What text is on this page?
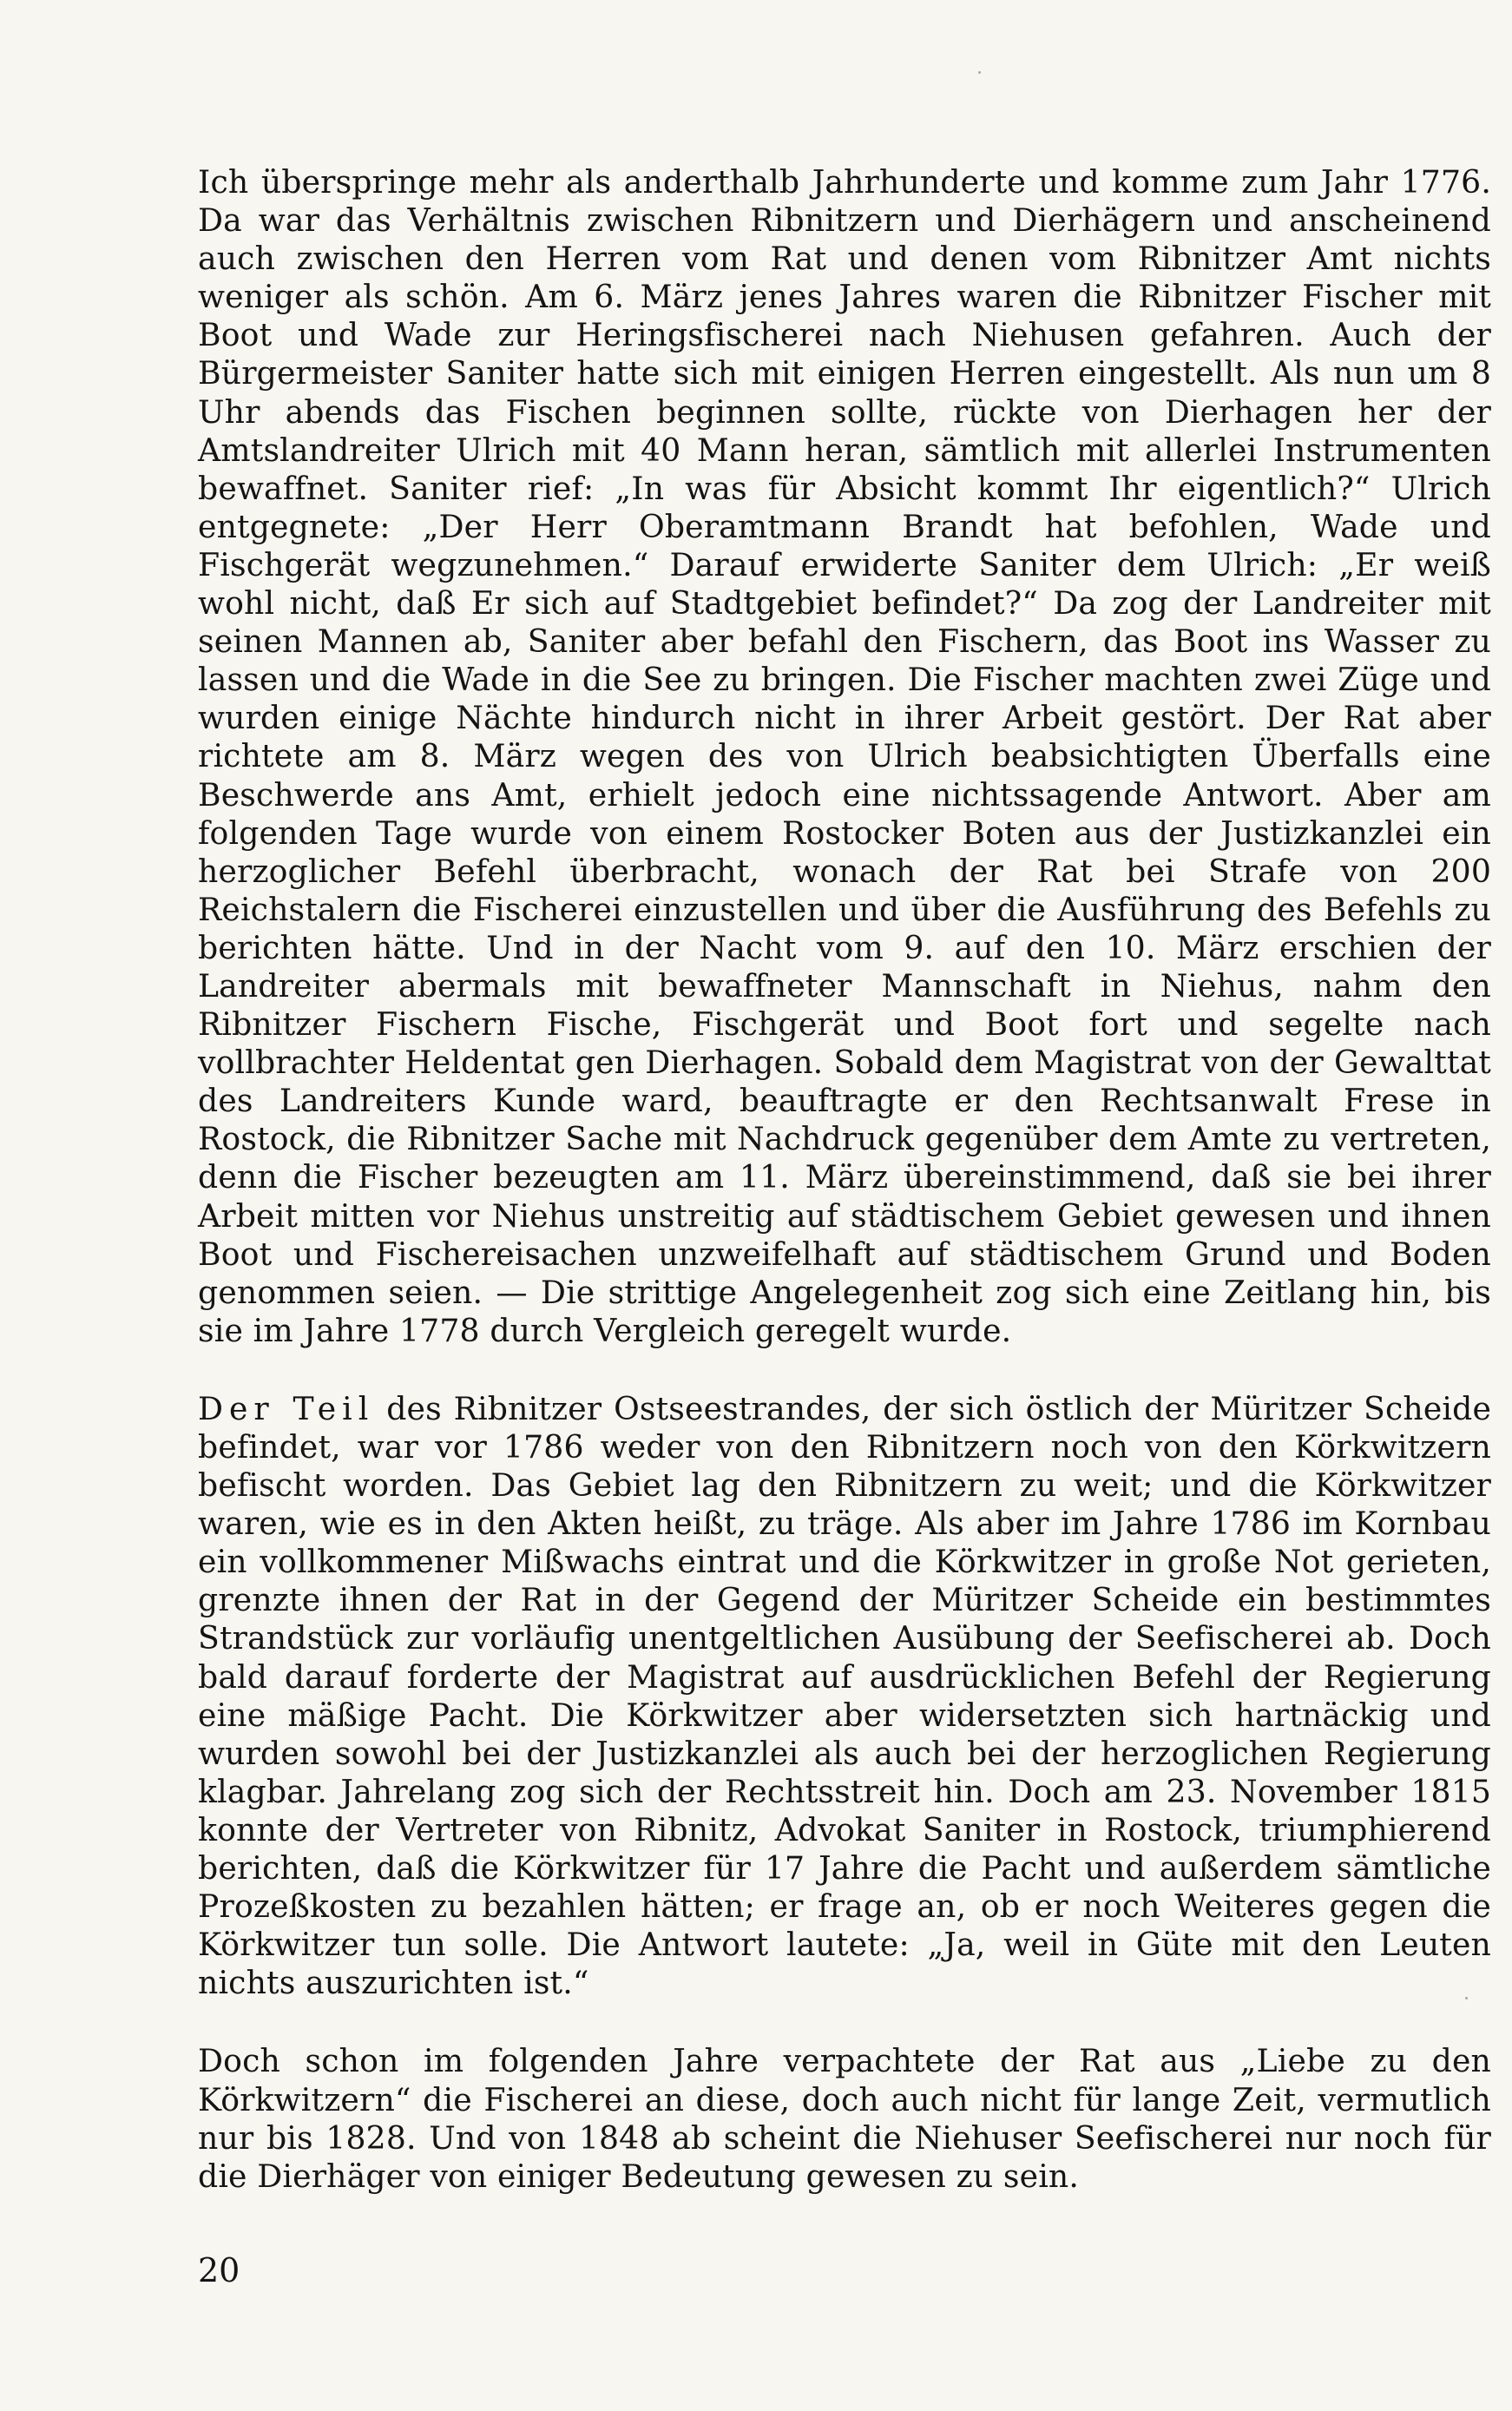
Ich überspringe mehr als anderthalb Jahrhunderte und komme zum Jahr 1776. Da war das Verhältnis zwischen Ribnitzern und Dierhägern und anscheinend auch zwischen den Herren vom Rat und denen vom Ribnitzer Amt nichts weniger als schön. Am 6. März jenes Jahres waren die Ribnitzer Fischer mit Boot und Wade zur Heringsfischerei nach Niehusen gefahren. Auch der Bürgermeister Saniter hatte sich mit einigen Herren eingestellt. Als nun um 8 Uhr abends das Fischen beginnen sollte, rückte von Dierhagen her der Amtslandreiter Ulrich mit 40 Mann heran, sämtlich mit allerlei Instrumenten bewaffnet. Saniter rief: „In was für Absicht kommt Ihr eigentlich?“ Ulrich entgegnete: „Der Herr Oberamtmann Brandt hat befohlen, Wade und Fischgerät wegzunehmen.“ Darauf erwiderte Saniter dem Ulrich: „Er weiß wohl nicht, daß Er sich auf Stadtgebiet befindet?“ Da zog der Landreiter mit seinen Mannen ab, Saniter aber befahl den Fischern, das Boot ins Wasser zu lassen und die Wade in die See zu bringen. Die Fischer machten zwei Züge und wurden einige Nächte hindurch nicht in ihrer Arbeit gestört. Der Rat aber richtete am 8. März wegen des von Ulrich beabsichtigten Überfalls eine Beschwerde ans Amt, erhielt jedoch eine nichtssagende Antwort. Aber am folgenden Tage wurde von einem Rostocker Boten aus der Justizkanzlei ein herzoglicher Befehl überbracht, wonach der Rat bei Strafe von 200 Reichstalern die Fischerei einzustellen und über die Ausführung des Befehls zu berichten hätte. Und in der Nacht vom 9. auf den 10. März erschien der Landreiter abermals mit bewaffneter Mannschaft in Niehus, nahm den Ribnitzer Fischern Fische, Fischgerät und Boot fort und segelte nach vollbrachter Heldentat gen Dierhagen. Sobald dem Magistrat von der Gewalttat des Landreiters Kunde ward, beauftragte er den Rechtsanwalt Frese in Rostock, die Ribnitzer Sache mit Nachdruck gegenüber dem Amte zu vertreten, denn die Fischer bezeugten am 11. März übereinstimmend, daß sie bei ihrer Arbeit mitten vor Niehus unstreitig auf städtischem Gebiet gewesen und ihnen Boot und Fischereisachen unzweifelhaft auf städtischem Grund und Boden genommen seien. — Die strittige Angelegenheit zog sich eine Zeitlang hin, bis sie im Jahre 1778 durch Vergleich geregelt wurde.

Der Teil des Ribnitzer Ostseestrandes, der sich östlich der Müritzer Scheide befindet, war vor 1786 weder von den Ribnitzern noch von den Körkwitzern befischt worden. Das Gebiet lag den Ribnitzern zu weit; und die Körkwitzer waren, wie es in den Akten heißt, zu träge. Als aber im Jahre 1786 im Kornbau ein vollkommener Mißwachs eintrat und die Körkwitzer in große Not gerieten, grenzte ihnen der Rat in der Gegend der Müritzer Scheide ein bestimmtes Strandstück zur vorläufig unentgeltlichen Ausübung der Seefischerei ab. Doch bald darauf forderte der Magistrat auf ausdrücklichen Befehl der Regierung eine mäßige Pacht. Die Körkwitzer aber widersetzten sich hartnäckig und wurden sowohl bei der Justizkanzlei als auch bei der herzoglichen Regierung klagbar. Jahrelang zog sich der Rechtsstreit hin. Doch am 23. November 1815 konnte der Vertreter von Ribnitz, Advokat Saniter in Rostock, triumphierend berichten, daß die Körkwitzer für 17 Jahre die Pacht und außerdem sämtliche Prozeßkosten zu bezahlen hätten; er frage an, ob er noch Weiteres gegen die Körkwitzer tun solle. Die Antwort lautete: „Ja, weil in Güte mit den Leuten nichts auszurichten ist.“

Doch schon im folgenden Jahre verpachtete der Rat aus „Liebe zu den Körkwitzern“ die Fischerei an diese, doch auch nicht für lange Zeit, vermutlich nur bis 1828. Und von 1848 ab scheint die Niehuser Seefischerei nur noch für die Dierhäger von einiger Bedeutung gewesen zu sein.

20
